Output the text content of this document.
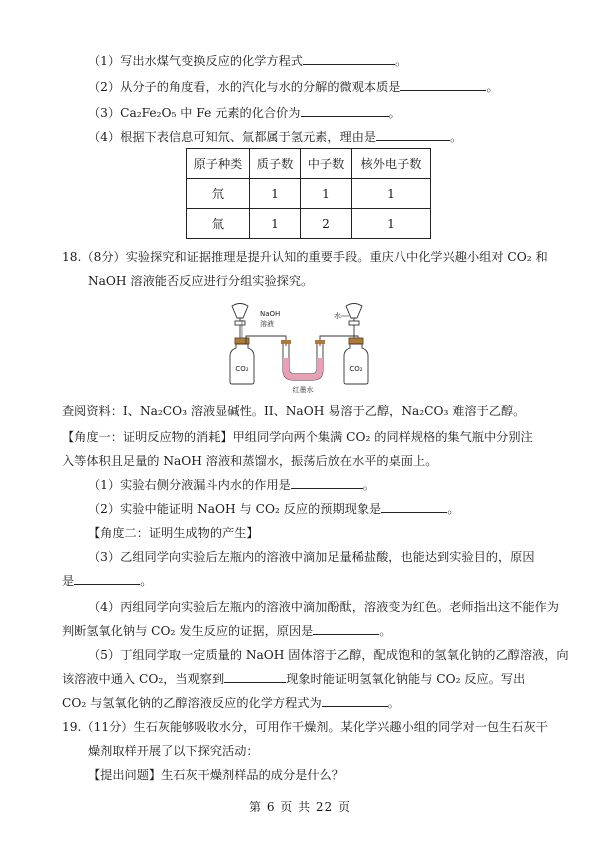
（1）写出水煤气变换反应的化学方程式	。
（2）从分子的角度看，水的汽化与水的分解的微观本质是	。
（3）Ca₂Fe₂O₅ 中 Fe 元素的化合价为	。
（4）根据下表信息可知氘、氚都属于氢元素，理由是	。
原子种类	质子数	中子数	核外电子数
氘	1	1	1
氚	1	2	1
18.（8分）实验探究和证据推理是提升认知的重要手段。重庆八中化学兴趣小组对 CO₂ 和
NaOH 溶液能否反应进行分组实验探究。
CO₂
NaOH
溶液
红墨水
水
CO₂
查阅资料：I、Na₂CO₃ 溶液显碱性。II、NaOH 易溶于乙醇，Na₂CO₃ 难溶于乙醇。
【角度一：证明反应物的消耗】甲组同学向两个集满 CO₂ 的同样规格的集气瓶中分别注
入等体积且足量的 NaOH 溶液和蒸馏水，振荡后放在水平的桌面上。
（1）实验右侧分液漏斗内水的作用是	。
（2）实验中能证明 NaOH 与 CO₂ 反应的预期现象是	。
【角度二：证明生成物的产生】
（3）乙组同学向实验后左瓶内的溶液中滴加足量稀盐酸，也能达到实验目的，原因
是	。
（4）丙组同学向实验后左瓶内的溶液中滴加酚酞，溶液变为红色。老师指出这不能作为
判断氢氧化钠与 CO₂ 发生反应的证据，原因是	。
（5）丁组同学取一定质量的 NaOH 固体溶于乙醇，配成饱和的氢氧化钠的乙醇溶液，向
该溶液中通入 CO₂，当观察到	现象时能证明氢氧化钠能与 CO₂ 反应。写出
CO₂ 与氢氧化钠的乙醇溶液反应的化学方程式为	。
19.（11分）生石灰能够吸收水分，可用作干燥剂。某化学兴趣小组的同学对一包生石灰干
燥剂取样开展了以下探究活动：
【提出问题】生石灰干燥剂样品的成分是什么？
第 6 页 共 22 页
